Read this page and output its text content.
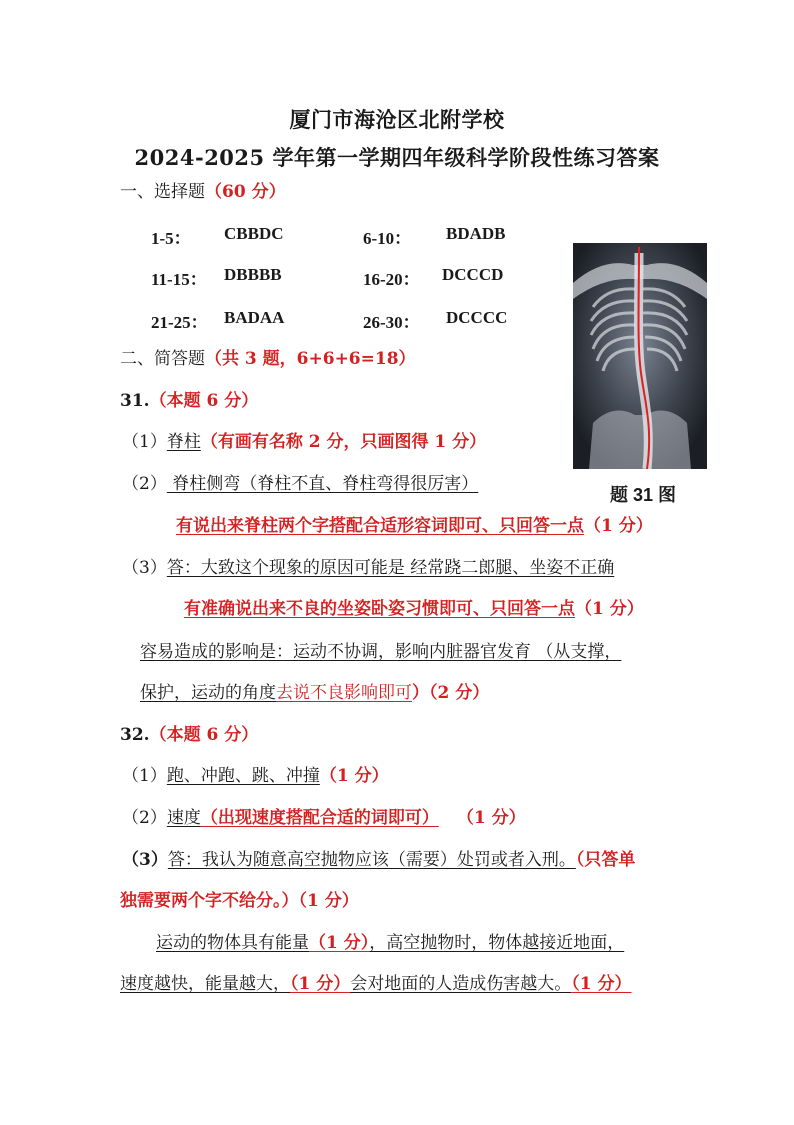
厦门市海沧区北附学校
2024-2025 学年第一学期四年级科学阶段性练习答案
一、选择题（60 分）
1-5： CBBDC	6-10： BDADB
11-15： DBBBB	16-20： DCCCD
21-25： BADAA	26-30： DCCCC
二、简答题（共 3 题，6+6+6=18）
31.（本题 6 分）
（1）脊柱（有画有名称 2 分，只画图得 1 分）
（2） 脊柱侧弯（脊柱不直、脊柱弯得很厉害）
有说出来脊柱两个字搭配合适形容词即可、只回答一点（1 分）
（3）答：大致这个现象的原因可能是 经常跷二郎腿、坐姿不正确
有准确说出来不良的坐姿卧姿习惯即可、只回答一点（1 分）
容易造成的影响是：运动不协调，影响内脏器官发育 （从支撑，
保护，运动的角度去说不良影响即可）（2 分）
题 31 图
32.（本题 6 分）
（1）跑、冲跑、跳、冲撞（1 分）
（2）速度（出现速度搭配合适的词即可） （1 分）
（3）答：我认为随意高空抛物应该（需要）处罚或者入刑。（只答单
独需要两个字不给分。）（1 分）
运动的物体具有能量（1 分），高空抛物时，物体越接近地面，
速度越快，能量越大，（1 分）会对地面的人造成伤害越大。（1 分）
